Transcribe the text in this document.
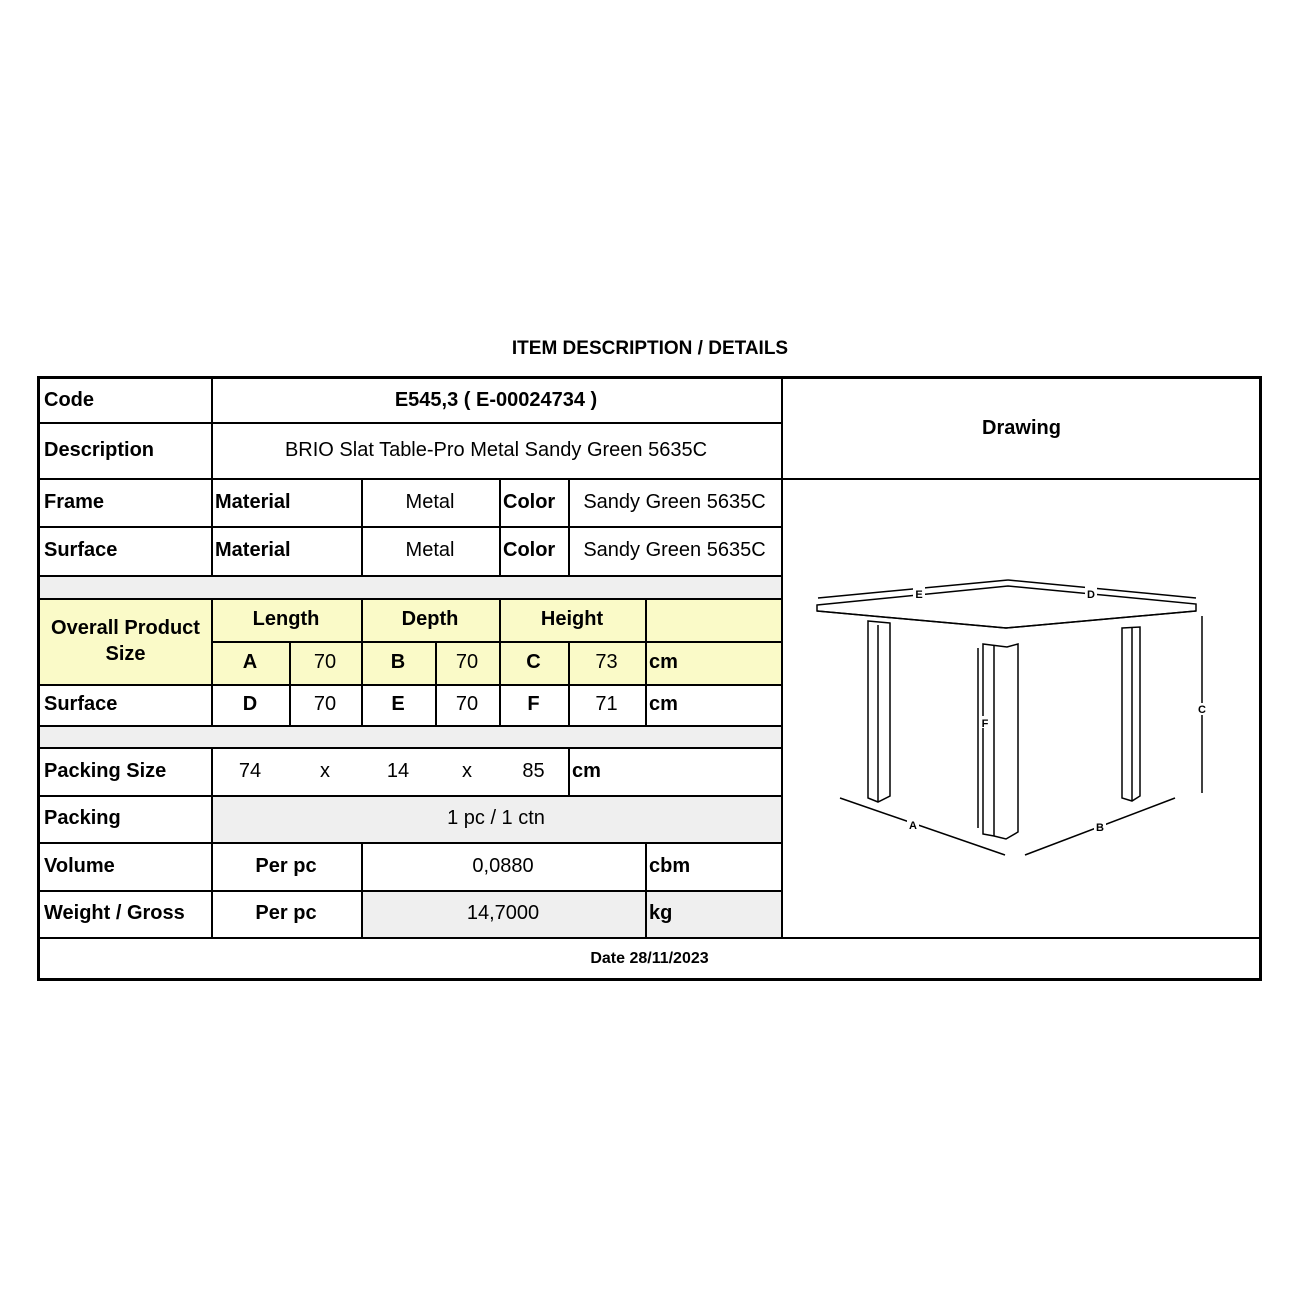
ITEM DESCRIPTION / DETAILS
Code	E545,3 ( E-00024734 )
Description	BRIO Slat Table-Pro Metal Sandy Green 5635C
Drawing
Frame	Material	Metal	Color	Sandy Green 5635C
Surface	Material	Metal	Color	Sandy Green 5635C
Overall Product Size
Length	Depth	Height
A	70	B	70	C	73	cm
Surface	D	70	E	70	F	71	cm
Packing Size	74	x	14	x	85	cm
Packing	1 pc / 1 ctn
Volume	Per pc	0,0880	cbm
Weight / Gross	Per pc	14,7000	kg
Date 28/11/2023
E	D
C
F
A	B
